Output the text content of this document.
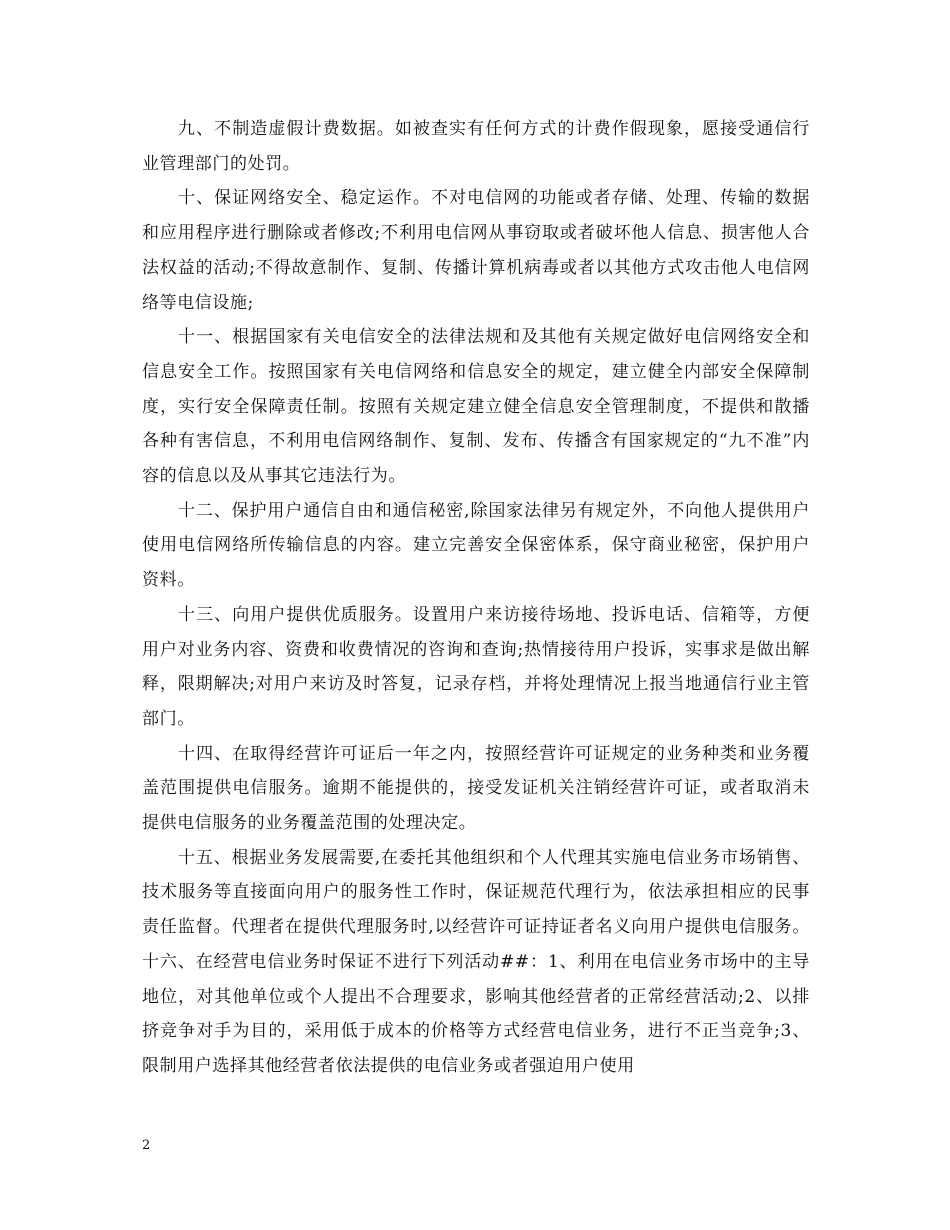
九、不制造虚假计费数据。如被查实有任何方式的计费作假现象，愿接受通信行业管理部门的处罚。

十、保证网络安全、稳定运作。不对电信网的功能或者存储、处理、传输的数据和应用程序进行删除或者修改;不利用电信网从事窃取或者破坏他人信息、损害他人合法权益的活动;不得故意制作、复制、传播计算机病毒或者以其他方式攻击他人电信网络等电信设施;

十一、根据国家有关电信安全的法律法规和及其他有关规定做好电信网络安全和信息安全工作。按照国家有关电信网络和信息安全的规定，建立健全内部安全保障制度，实行安全保障责任制。按照有关规定建立健全信息安全管理制度，不提供和散播各种有害信息，不利用电信网络制作、复制、发布、传播含有国家规定的“九不准”内容的信息以及从事其它违法行为。

十二、保护用户通信自由和通信秘密,除国家法律另有规定外，不向他人提供用户使用电信网络所传输信息的内容。建立完善安全保密体系，保守商业秘密，保护用户资料。

十三、向用户提供优质服务。设置用户来访接待场地、投诉电话、信箱等，方便用户对业务内容、资费和收费情况的咨询和查询;热情接待用户投诉，实事求是做出解释，限期解决;对用户来访及时答复，记录存档，并将处理情况上报当地通信行业主管部门。

十四、在取得经营许可证后一年之内，按照经营许可证规定的业务种类和业务覆盖范围提供电信服务。逾期不能提供的，接受发证机关注销经营许可证，或者取消未提供电信服务的业务覆盖范围的处理决定。

十五、根据业务发展需要,在委托其他组织和个人代理其实施电信业务市场销售、技术服务等直接面向用户的服务性工作时，保证规范代理行为，依法承担相应的民事责任监督。代理者在提供代理服务时,以经营许可证持证者名义向用户提供电信服务。十六、在经营电信业务时保证不进行下列活动##：1、利用在电信业务市场中的主导地位，对其他单位或个人提出不合理要求，影响其他经营者的正常经营活动;2、以排挤竞争对手为目的，采用低于成本的价格等方式经营电信业务，进行不正当竞争;3、限制用户选择其他经营者依法提供的电信业务或者强迫用户使用

2
